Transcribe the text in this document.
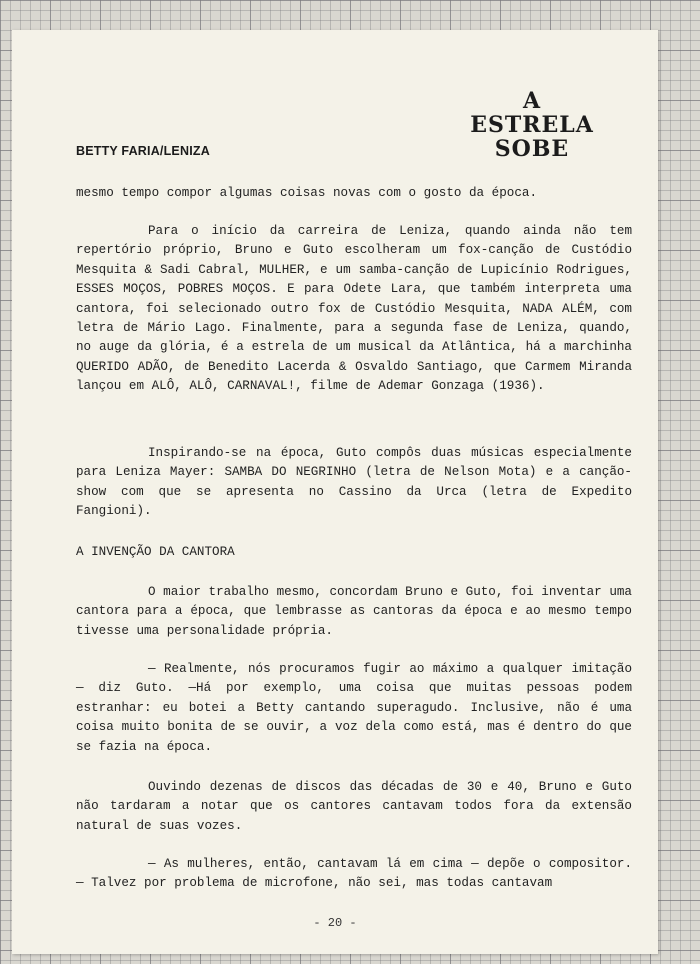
BETTY FARIA/LENIZA
A
ESTRELA
SOBE

mesmo tempo compor algumas coisas novas com o gosto da época.

Para o início da carreira de Leniza, quando ainda não tem repertório próprio, Bruno e Guto escolheram um fox-canção de Custódio Mesquita & Sadi Cabral, MULHER, e um samba-canção de Lupicínio Rodrigues, ESSES MOÇOS, POBRES MOÇOS. E para Odete Lara, que também interpreta uma cantora, foi selecionado outro fox de Custódio Mesquita, NADA ALÉM, com letra de Mário Lago. Finalmente, para a segunda fase de Leniza, quando, no auge da glória, é a estrela de um musical da Atlântica, há a marchinha QUERIDO ADÃO, de Benedito Lacerda & Osvaldo Santiago, que Carmem Miranda lançou em ALÔ, ALÔ, CARNAVAL!, filme de Ademar Gonzaga (1936).

Inspirando-se na época, Guto compôs duas músicas especialmente para Leniza Mayer: SAMBA DO NEGRINHO (letra de Nelson Mota) e a canção-show com que se apresenta no Cassino da Urca (letra de Expedito Fangioni).

A INVENÇÃO DA CANTORA

O maior trabalho mesmo, concordam Bruno e Guto, foi inventar uma cantora para a época, que lembrasse as cantoras da época e ao mesmo tempo tivesse uma personalidade própria.

— Realmente, nós procuramos fugir ao máximo a qualquer imitação — diz Guto. —Há por exemplo, uma coisa que muitas pessoas podem estranhar: eu botei a Betty cantando superagudo. Inclusive, não é uma coisa muito bonita de se ouvir, a voz dela como está, mas é dentro do que se fazia na época.

Ouvindo dezenas de discos das décadas de 30 e 40, Bruno e Guto não tardaram a notar que os cantores cantavam todos fora da extensão natural de suas vozes.

— As mulheres, então, cantavam lá em cima — depõe o compositor. — Talvez por problema de microfone, não sei, mas todas cantavam

- 20 -
